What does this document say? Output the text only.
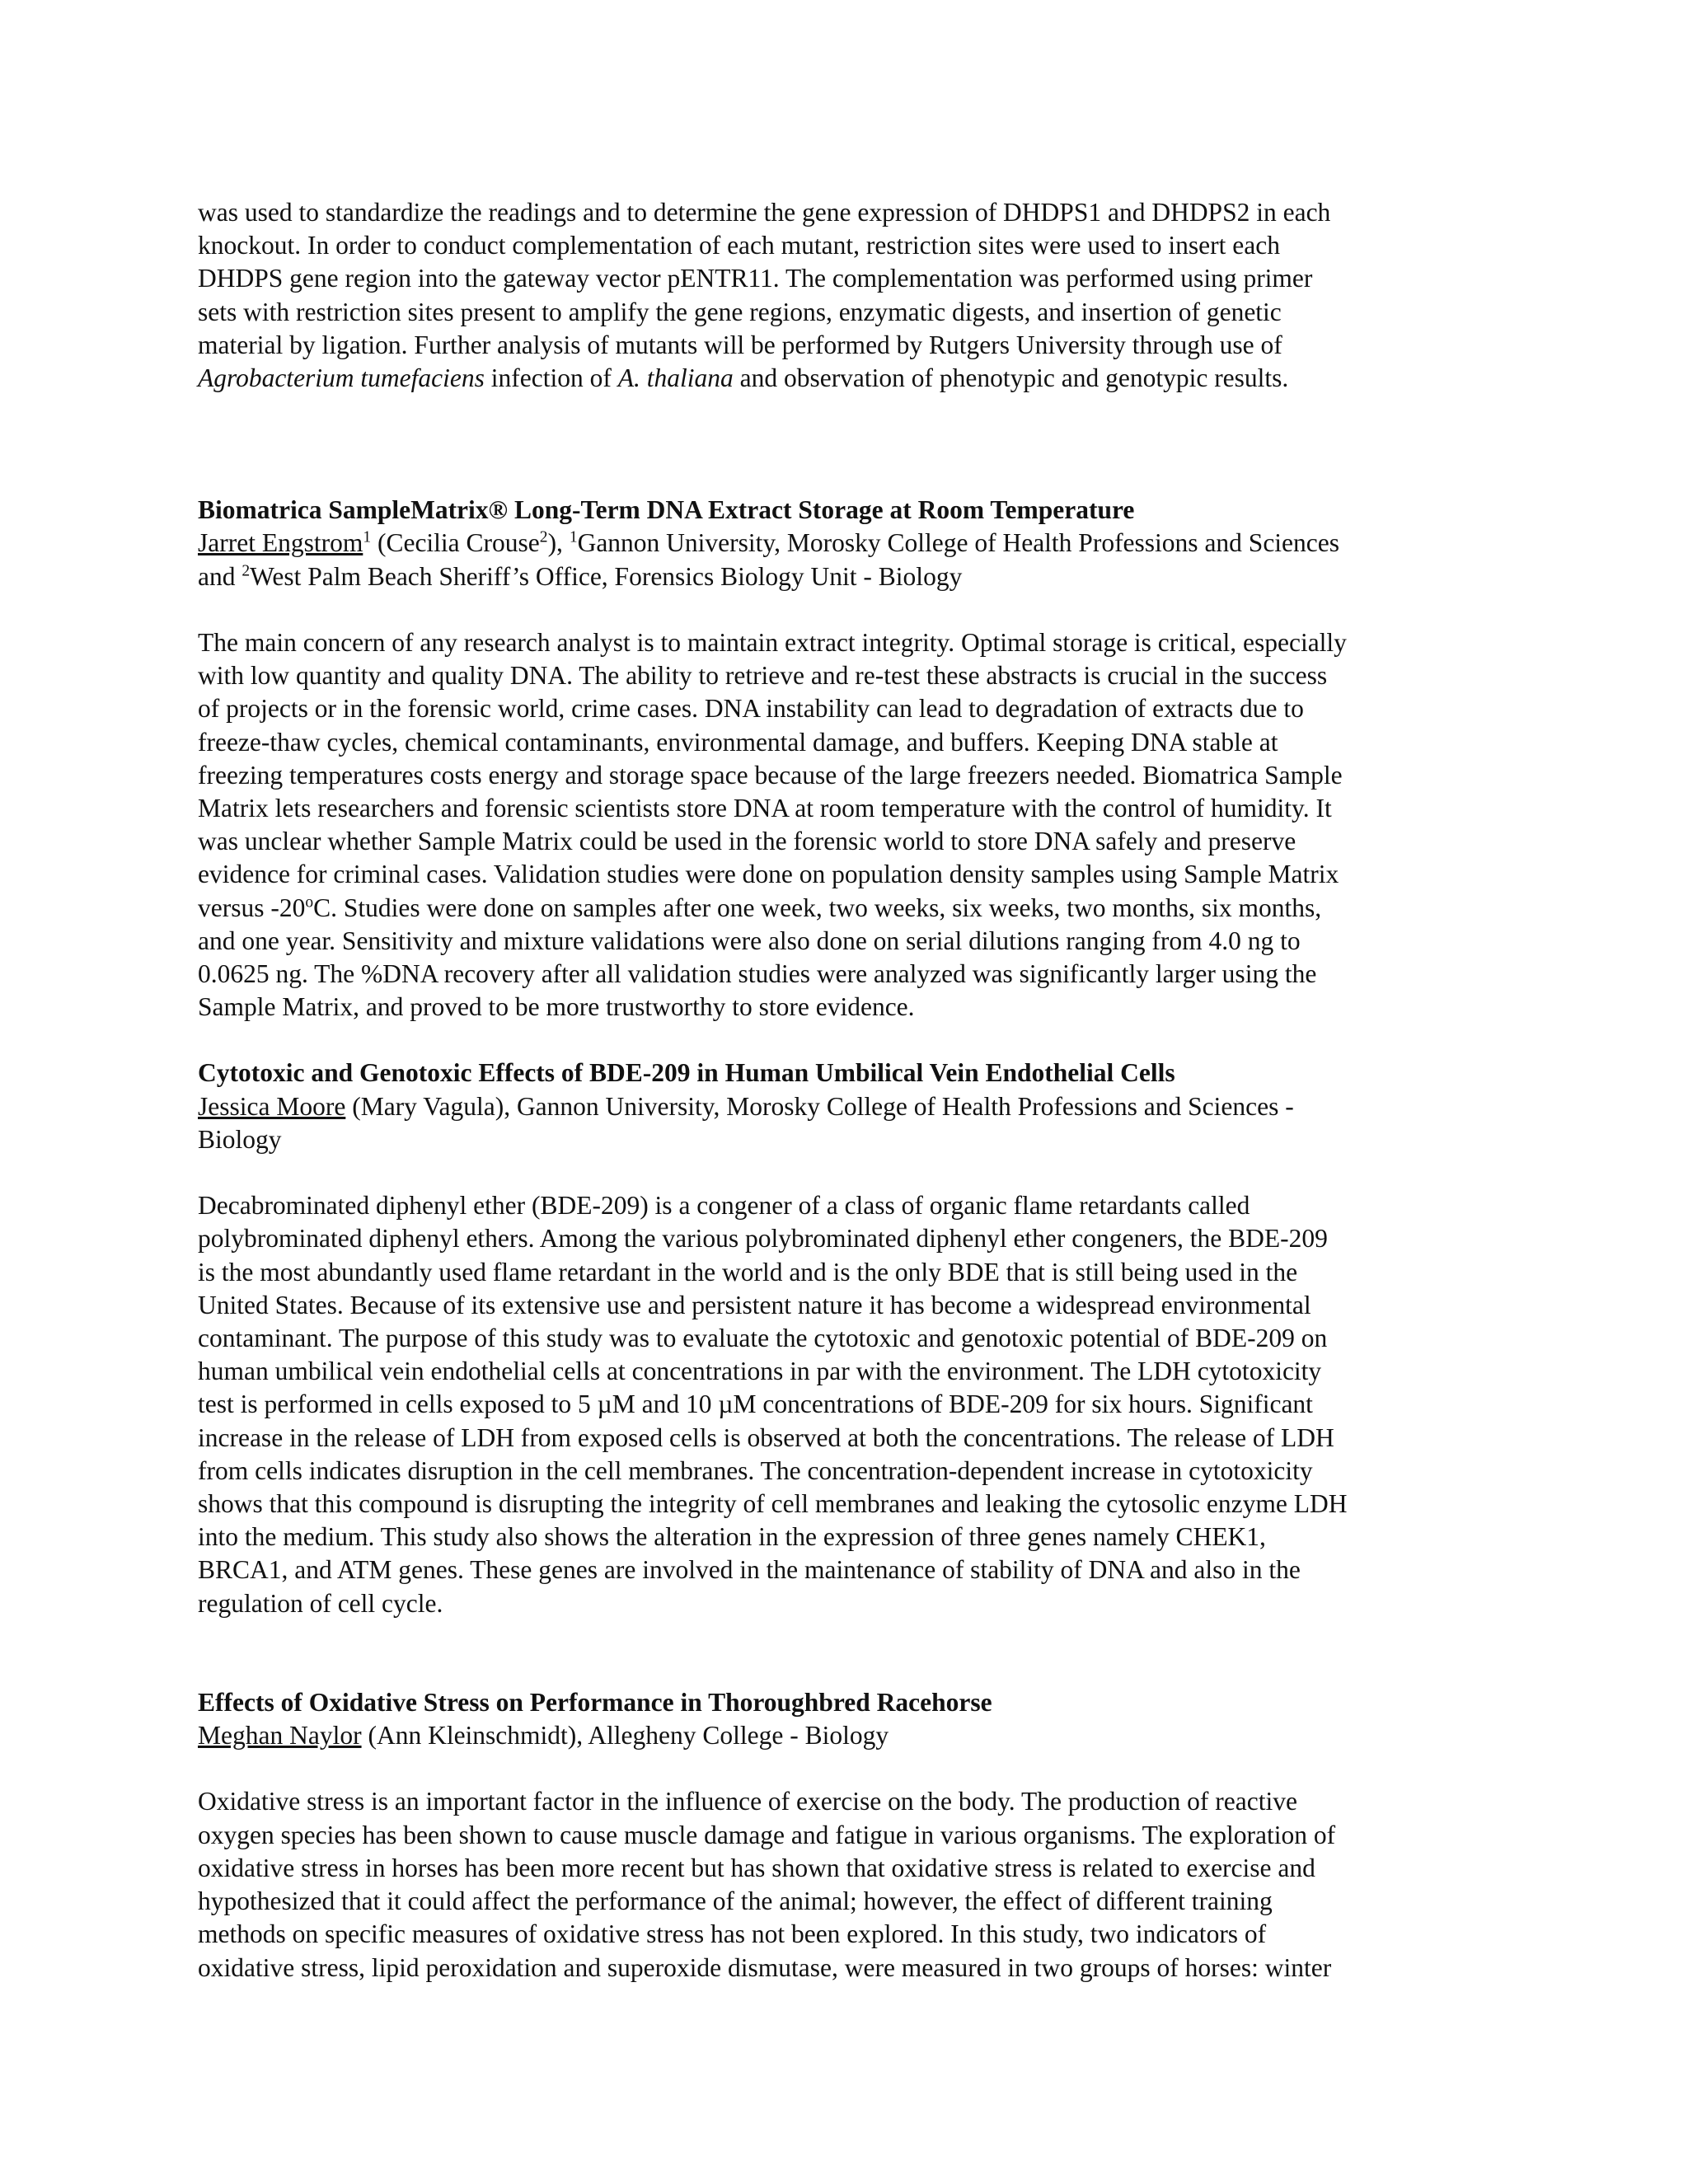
was used to standardize the readings and to determine the gene expression of DHDPS1 and DHDPS2 in each
knockout. In order to conduct complementation of each mutant, restriction sites were used to insert each
DHDPS gene region into the gateway vector pENTR11. The complementation was performed using primer
sets with restriction sites present to amplify the gene regions, enzymatic digests, and insertion of genetic
material by ligation. Further analysis of mutants will be performed by Rutgers University through use of
Agrobacterium tumefaciens infection of A. thaliana and observation of phenotypic and genotypic results.
Biomatrica SampleMatrix® Long-Term DNA Extract Storage at Room Temperature
Jarret Engstrom$^1$ (Cecilia Crouse$^2$), $^1$Gannon University, Morosky College of Health Professions and Sciences
and $^2$West Palm Beach Sheriff’s Office, Forensics Biology Unit - Biology
The main concern of any research analyst is to maintain extract integrity. Optimal storage is critical, especially
with low quantity and quality DNA. The ability to retrieve and re-test these abstracts is crucial in the success
of projects or in the forensic world, crime cases. DNA instability can lead to degradation of extracts due to
freeze-thaw cycles, chemical contaminants, environmental damage, and buffers. Keeping DNA stable at
freezing temperatures costs energy and storage space because of the large freezers needed. Biomatrica Sample
Matrix lets researchers and forensic scientists store DNA at room temperature with the control of humidity. It
was unclear whether Sample Matrix could be used in the forensic world to store DNA safely and preserve
evidence for criminal cases. Validation studies were done on population density samples using Sample Matrix
versus -20$^o$C. Studies were done on samples after one week, two weeks, six weeks, two months, six months,
and one year. Sensitivity and mixture validations were also done on serial dilutions ranging from 4.0 ng to
0.0625 ng. The %DNA recovery after all validation studies were analyzed was significantly larger using the
Sample Matrix, and proved to be more trustworthy to store evidence.
Cytotoxic and Genotoxic Effects of BDE-209 in Human Umbilical Vein Endothelial Cells
Jessica Moore (Mary Vagula), Gannon University, Morosky College of Health Professions and Sciences -
Biology
Decabrominated diphenyl ether (BDE-209) is a congener of a class of organic flame retardants called
polybrominated diphenyl ethers. Among the various polybrominated diphenyl ether congeners, the BDE-209
is the most abundantly used flame retardant in the world and is the only BDE that is still being used in the
United States. Because of its extensive use and persistent nature it has become a widespread environmental
contaminant. The purpose of this study was to evaluate the cytotoxic and genotoxic potential of BDE-209 on
human umbilical vein endothelial cells at concentrations in par with the environment. The LDH cytotoxicity
test is performed in cells exposed to 5 µM and 10 µM concentrations of BDE-209 for six hours. Significant
increase in the release of LDH from exposed cells is observed at both the concentrations. The release of LDH
from cells indicates disruption in the cell membranes. The concentration-dependent increase in cytotoxicity
shows that this compound is disrupting the integrity of cell membranes and leaking the cytosolic enzyme LDH
into the medium. This study also shows the alteration in the expression of three genes namely CHEK1,
BRCA1, and ATM genes. These genes are involved in the maintenance of stability of DNA and also in the
regulation of cell cycle.
Effects of Oxidative Stress on Performance in Thoroughbred Racehorse
Meghan Naylor (Ann Kleinschmidt), Allegheny College - Biology
Oxidative stress is an important factor in the influence of exercise on the body. The production of reactive
oxygen species has been shown to cause muscle damage and fatigue in various organisms. The exploration of
oxidative stress in horses has been more recent but has shown that oxidative stress is related to exercise and
hypothesized that it could affect the performance of the animal; however, the effect of different training
methods on specific measures of oxidative stress has not been explored. In this study, two indicators of
oxidative stress, lipid peroxidation and superoxide dismutase, were measured in two groups of horses: winter
